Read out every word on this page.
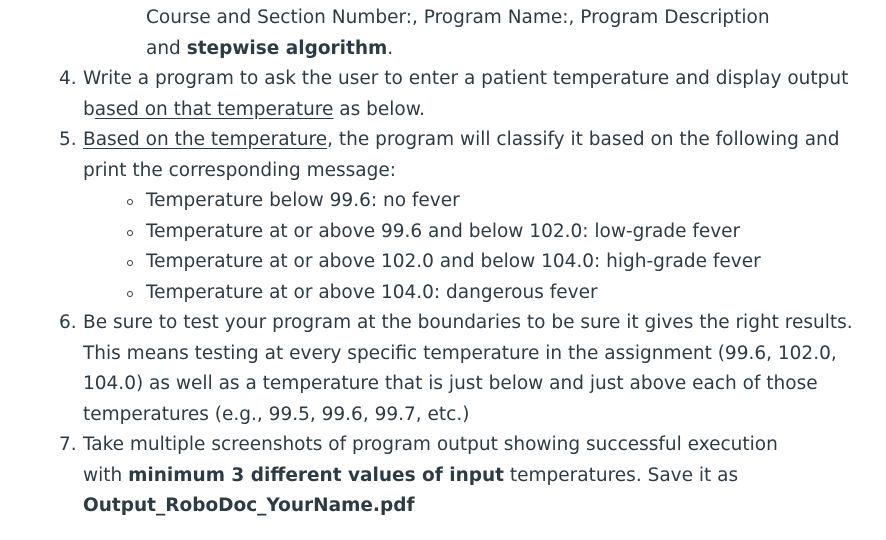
Course and Section Number:, Program Name:, Program Description
and stepwise algorithm.
4. Write a program to ask the user to enter a patient temperature and display output
based on that temperature as below.
5. Based on the temperature, the program will classify it based on the following and
print the corresponding message:
Temperature below 99.6: no fever
Temperature at or above 99.6 and below 102.0: low-grade fever
Temperature at or above 102.0 and below 104.0: high-grade fever
Temperature at or above 104.0: dangerous fever
6. Be sure to test your program at the boundaries to be sure it gives the right results.
This means testing at every specific temperature in the assignment (99.6, 102.0,
104.0) as well as a temperature that is just below and just above each of those
temperatures (e.g., 99.5, 99.6, 99.7, etc.)
7. Take multiple screenshots of program output showing successful execution
with minimum 3 different values of input temperatures. Save it as
Output_RoboDoc_YourName.pdf
